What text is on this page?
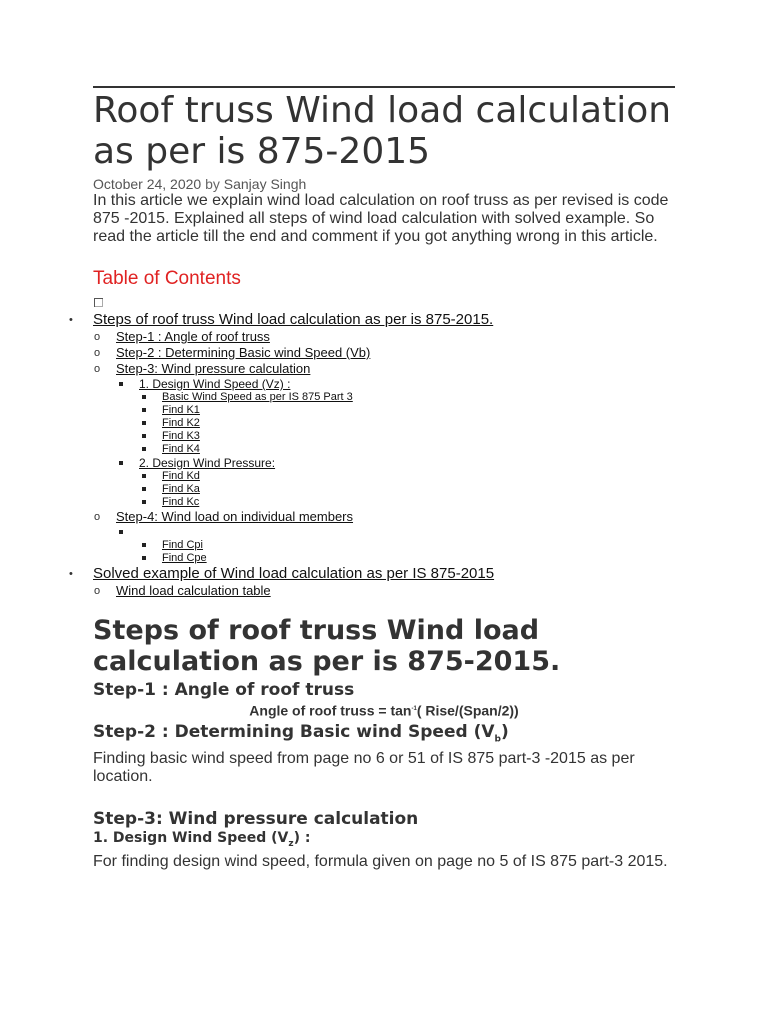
Roof truss Wind load calculation as per is 875-2015
October 24, 2020 by Sanjay Singh

In this article we explain wind load calculation on roof truss as per revised is code 875 -2015. Explained all steps of wind load calculation with solved example. So read the article till the end and comment if you got anything wrong in this article.

Table of Contents
• Steps of roof truss Wind load calculation as per is 875-2015.
o Step-1 : Angle of roof truss
o Step-2 : Determining Basic wind Speed (Vb)
o Step-3: Wind pressure calculation
1. Design Wind Speed (Vz) :
Basic Wind Speed as per IS 875 Part 3
Find K1
Find K2
Find K3
Find K4
2. Design Wind Pressure:
Find Kd
Find Ka
Find Kc
o Step-4: Wind load on individual members

Find Cpi
Find Cpe
• Solved example of Wind load calculation as per IS 875-2015
o Wind load calculation table
Steps of roof truss Wind load calculation as per is 875-2015.
Step-1 : Angle of roof truss

Angle of roof truss = $\tan^{-1}$( Rise/(Span/2))

Step-2 : Determining Basic wind Speed $(V_b)$

Finding basic wind speed from page no 6 or 51 of IS 875 part-3 -2015 as per location.

Step-3: Wind pressure calculation
1. Design Wind Speed $(V_z)$ :

For finding design wind speed, formula given on page no 5 of IS 875 part-3 2015.
